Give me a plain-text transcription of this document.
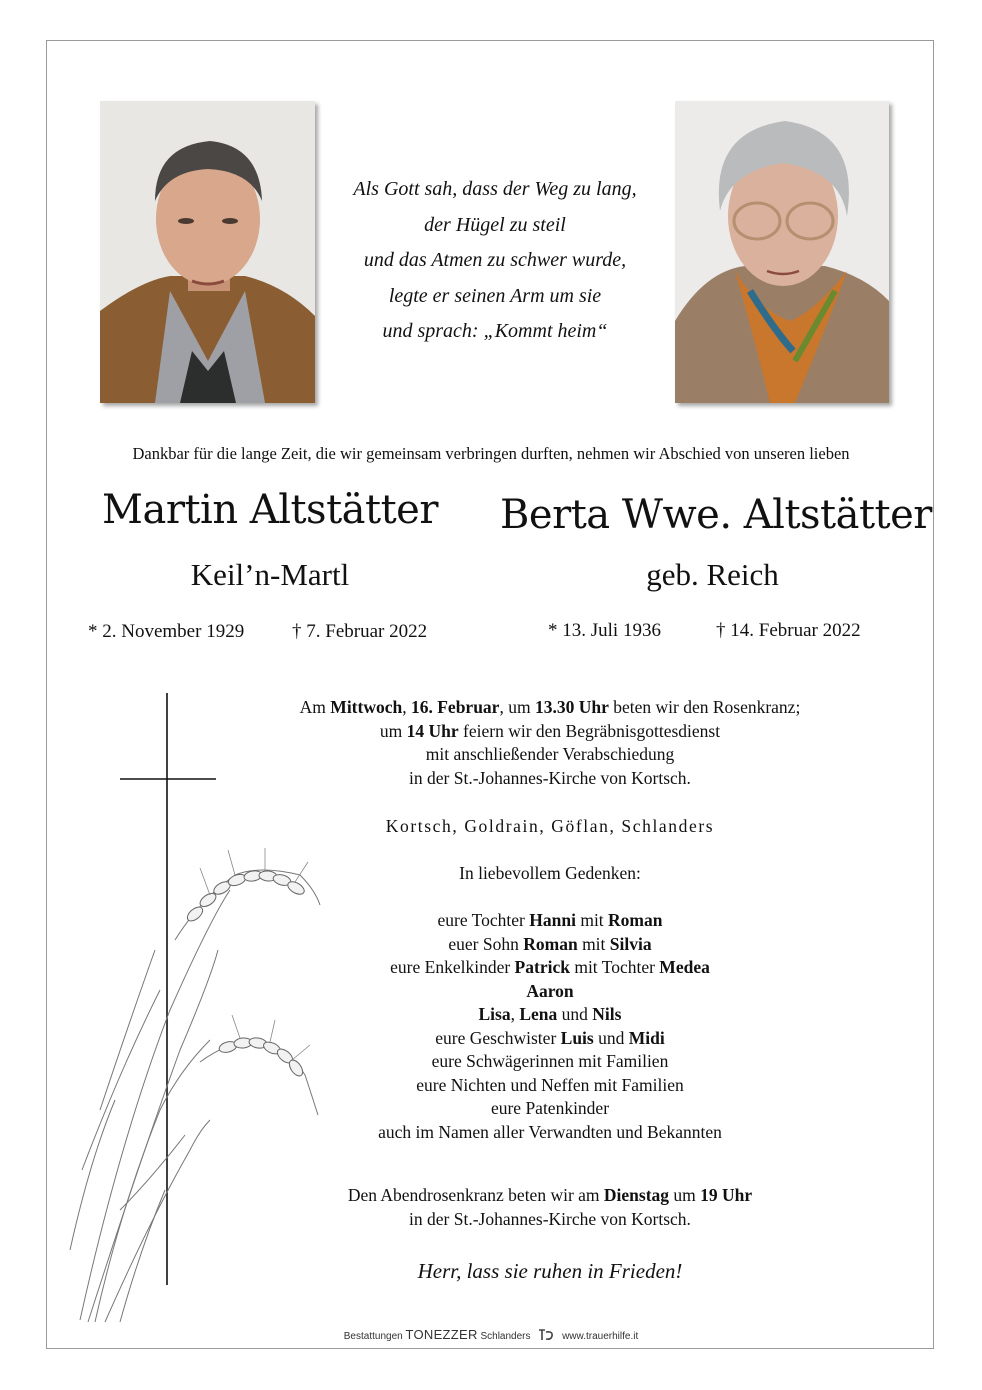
Als Gott sah, dass der Weg zu lang,
der Hügel zu steil
und das Atmen zu schwer wurde,
legte er seinen Arm um sie
und sprach: „Kommt heim“
Dankbar für die lange Zeit, die wir gemeinsam verbringen durften, nehmen wir Abschied von unseren lieben
Martin Altstätter
Keil’n-Martl
* 2. November 1929	† 7. Februar 2022
Berta Wwe. Altstätter
geb. Reich
* 13. Juli 1936	† 14. Februar 2022
Am Mittwoch, 16. Februar, um 13.30 Uhr beten wir den Rosenkranz;
um 14 Uhr feiern wir den Begräbnisgottesdienst
mit anschließender Verabschiedung
in der St.-Johannes-Kirche von Kortsch.
Kortsch, Goldrain, Göflan, Schlanders
In liebevollem Gedenken:
eure Tochter Hanni mit Roman
euer Sohn Roman mit Silvia
eure Enkelkinder Patrick mit Tochter Medea
Aaron
Lisa, Lena und Nils
eure Geschwister Luis und Midi
eure Schwägerinnen mit Familien
eure Nichten und Neffen mit Familien
eure Patenkinder
auch im Namen aller Verwandten und Bekannten
Den Abendrosenkranz beten wir am Dienstag um 19 Uhr
in der St.-Johannes-Kirche von Kortsch.
Herr, lass sie ruhen in Frieden!
Bestattungen TONEZZER Schlanders	www.trauerhilfe.it
